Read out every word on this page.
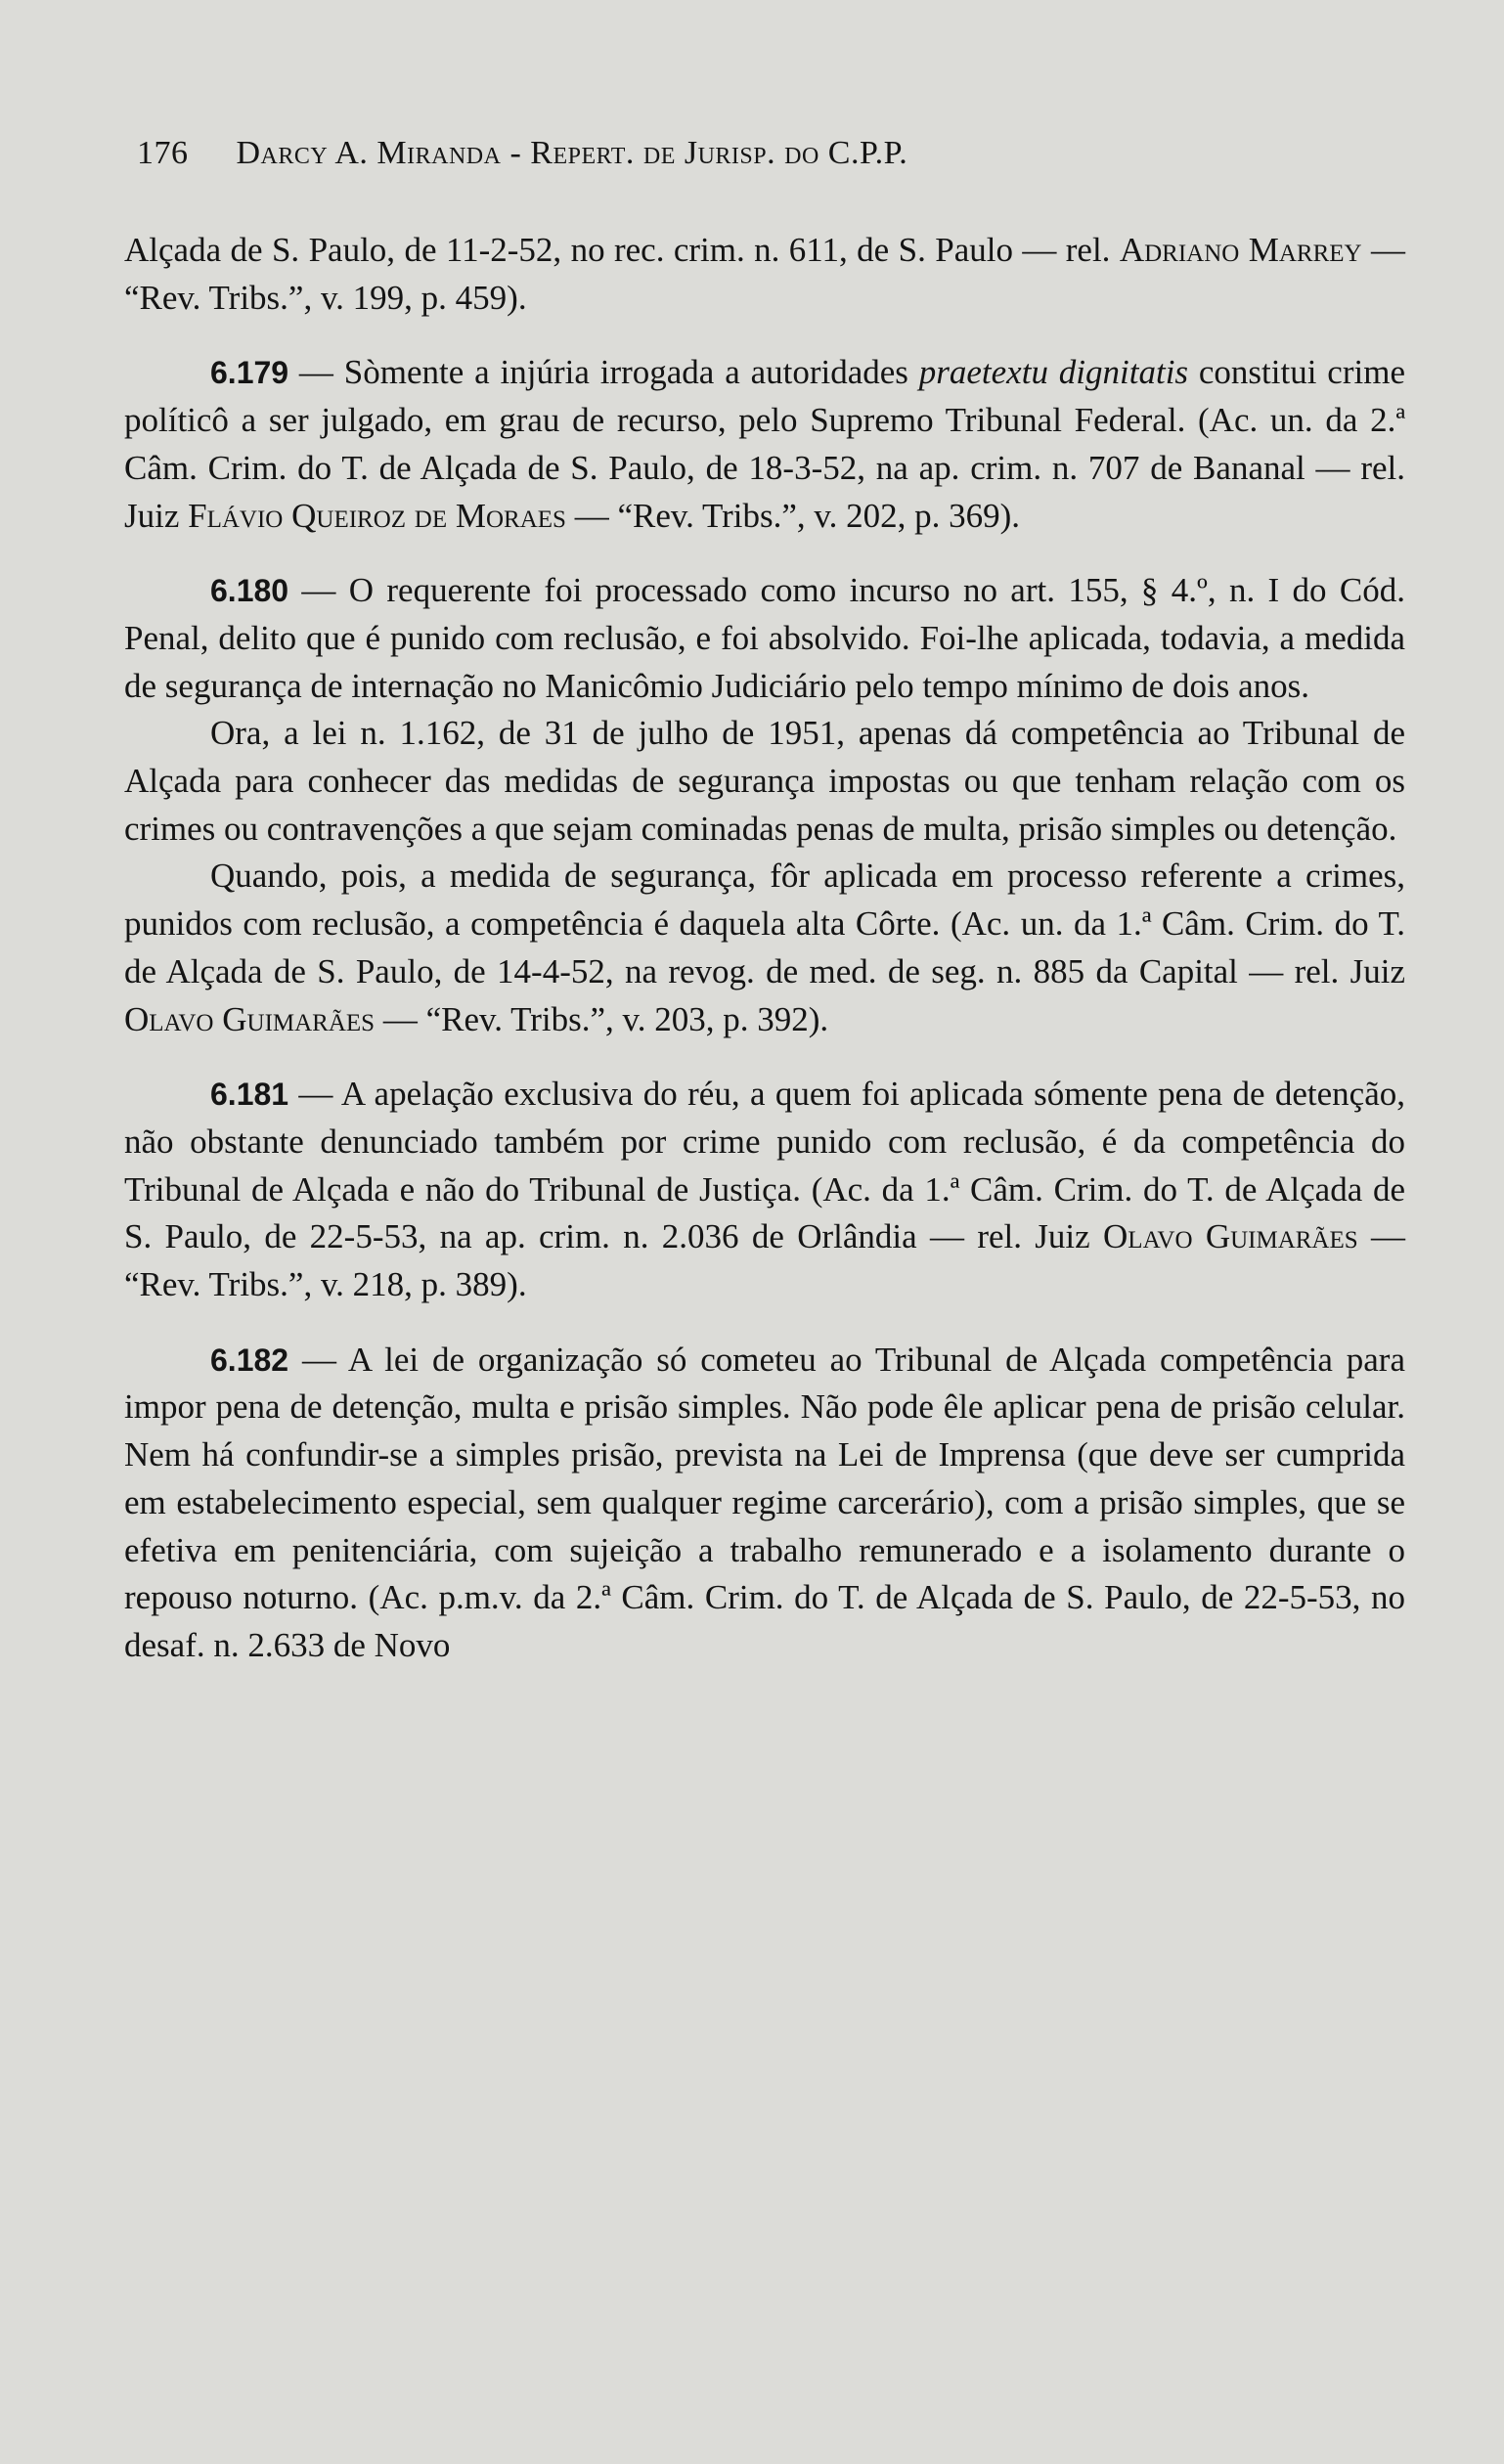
176 Darcy A. Miranda - Repert. de Jurisp. do C.P.P.

Alçada de S. Paulo, de 11-2-52, no rec. crim. n. 611, de S. Paulo — rel. Adriano Marrey — “Rev. Tribs.”, v. 199, p. 459).

6.179 — Sòmente a injúria irrogada a autoridades praetextu dignitatis constitui crime políticô a ser julgado, em grau de recurso, pelo Supremo Tribunal Federal. (Ac. un. da 2.ª Câm. Crim. do T. de Alçada de S. Paulo, de 18-3-52, na ap. crim. n. 707 de Bananal — rel. Juiz Flávio Queiroz de Moraes — “Rev. Tribs.”, v. 202, p. 369).

6.180 — O requerente foi processado como incurso no art. 155, § 4.º, n. I do Cód. Penal, delito que é punido com reclusão, e foi absolvido. Foi-lhe aplicada, todavia, a medida de segurança de internação no Manicômio Judiciário pelo tempo mínimo de dois anos.

Ora, a lei n. 1.162, de 31 de julho de 1951, apenas dá competência ao Tribunal de Alçada para conhecer das medidas de segurança impostas ou que tenham relação com os crimes ou contravenções a que sejam cominadas penas de multa, prisão simples ou detenção.

Quando, pois, a medida de segurança, fôr aplicada em processo referente a crimes, punidos com reclusão, a competência é daquela alta Côrte. (Ac. un. da 1.ª Câm. Crim. do T. de Alçada de S. Paulo, de 14-4-52, na revog. de med. de seg. n. 885 da Capital — rel. Juiz Olavo Guimarães — “Rev. Tribs.”, v. 203, p. 392).

6.181 — A apelação exclusiva do réu, a quem foi aplicada sómente pena de detenção, não obstante denunciado também por crime punido com reclusão, é da competência do Tribunal de Alçada e não do Tribunal de Justiça. (Ac. da 1.ª Câm. Crim. do T. de Alçada de S. Paulo, de 22-5-53, na ap. crim. n. 2.036 de Orlândia — rel. Juiz Olavo Guimarães — “Rev. Tribs.”, v. 218, p. 389).

6.182 — A lei de organização só cometeu ao Tribunal de Alçada competência para impor pena de detenção, multa e prisão simples. Não pode êle aplicar pena de prisão celular. Nem há confundir-se a simples prisão, prevista na Lei de Imprensa (que deve ser cumprida em estabelecimento especial, sem qualquer regime carcerário), com a prisão simples, que se efetiva em penitenciária, com sujeição a trabalho remunerado e a isolamento durante o repouso noturno. (Ac. p.m.v. da 2.ª Câm. Crim. do T. de Alçada de S. Paulo, de 22-5-53, no desaf. n. 2.633 de Novo
